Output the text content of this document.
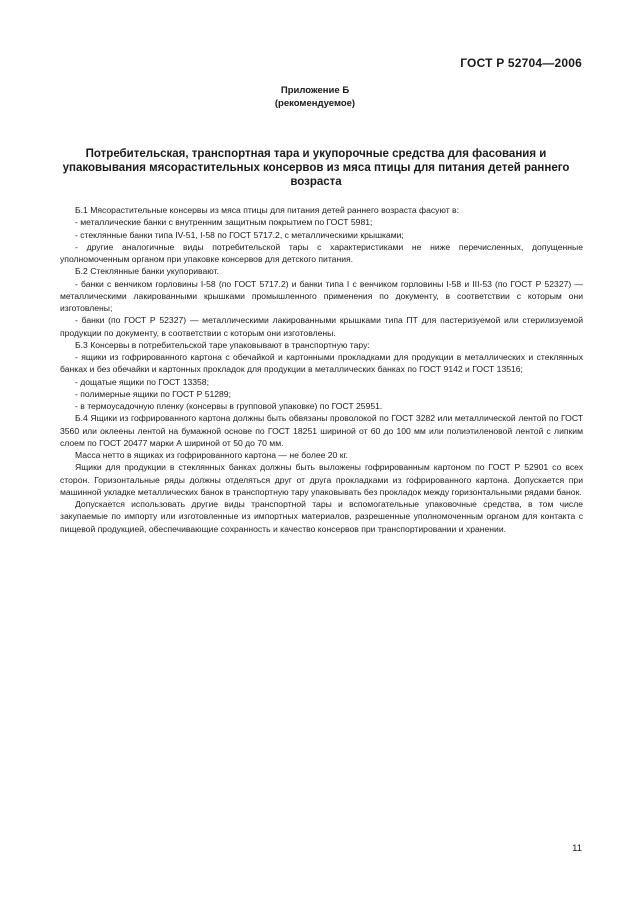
ГОСТ Р 52704—2006
Приложение Б
(рекомендуемое)
Потребительская, транспортная тара и укупорочные средства для фасования и упаковывания мясорастительных консервов из мяса птицы для питания детей раннего возраста

Б.1 Мясорастительные консервы из мяса птицы для питания детей раннего возраста фасуют в:

- металлические банки с внутренним защитным покрытием по ГОСТ 5981;

- стеклянные банки типа IV-51, I-58 по ГОСТ 5717.2, с металлическими крышками;

- другие аналогичные виды потребительской тары с характеристиками не ниже перечисленных, допущенные уполномоченным органом при упаковке консервов для детского питания.

Б.2 Стеклянные банки укупоривают.

- банки с венчиком горловины I-58 (по ГОСТ 5717.2) и банки типа I с венчиком горловины I-58 и III-53 (по ГОСТ Р 52327) — металлическими лакированными крышками промышленного применения по документу, в соответствии с которым они изготовлены;

- банки (по ГОСТ Р 52327) — металлическими лакированными крышками типа ПТ для пастеризуемой или стерилизуемой продукции по документу, в соответствии с которым они изготовлены.

Б.3 Консервы в потребительской таре упаковывают в транспортную тару:

- ящики из гофрированного картона с обечайкой и картонными прокладками для продукции в металлических и стеклянных банках и без обечайки и картонных прокладок для продукции в металлических банках по ГОСТ 9142 и ГОСТ 13516;

- дощатые ящики по ГОСТ 13358;

- полимерные ящики по ГОСТ Р 51289;

- в термоусадочную пленку (консервы в групповой упаковке) по ГОСТ 25951.

Б.4 Ящики из гофрированного картона должны быть обвязаны проволокой по ГОСТ 3282 или металлической лентой по ГОСТ 3560 или оклеены лентой на бумажной основе по ГОСТ 18251 шириной от 60 до 100 мм или полиэтиленовой лентой с липким слоем по ГОСТ 20477 марки А шириной от 50 до 70 мм.

Масса нетто в ящиках из гофрированного картона — не более 20 кг.

Ящики для продукции в стеклянных банках должны быть выложены гофрированным картоном по ГОСТ Р 52901 со всех сторон. Горизонтальные ряды должны отделяться друг от друга прокладками из гофрированного картона. Допускается при машинной укладке металлических банок в транспортную тару упаковывать без прокладок между горизонтальными рядами банок.

Допускается использовать другие виды транспортной тары и вспомогательные упаковочные средства, в том числе закупаемые по импорту или изготовленные из импортных материалов, разрешенные уполномоченным органом для контакта с пищевой продукцией, обеспечивающие сохранность и качество консервов при транспортировании и хранении.

11
